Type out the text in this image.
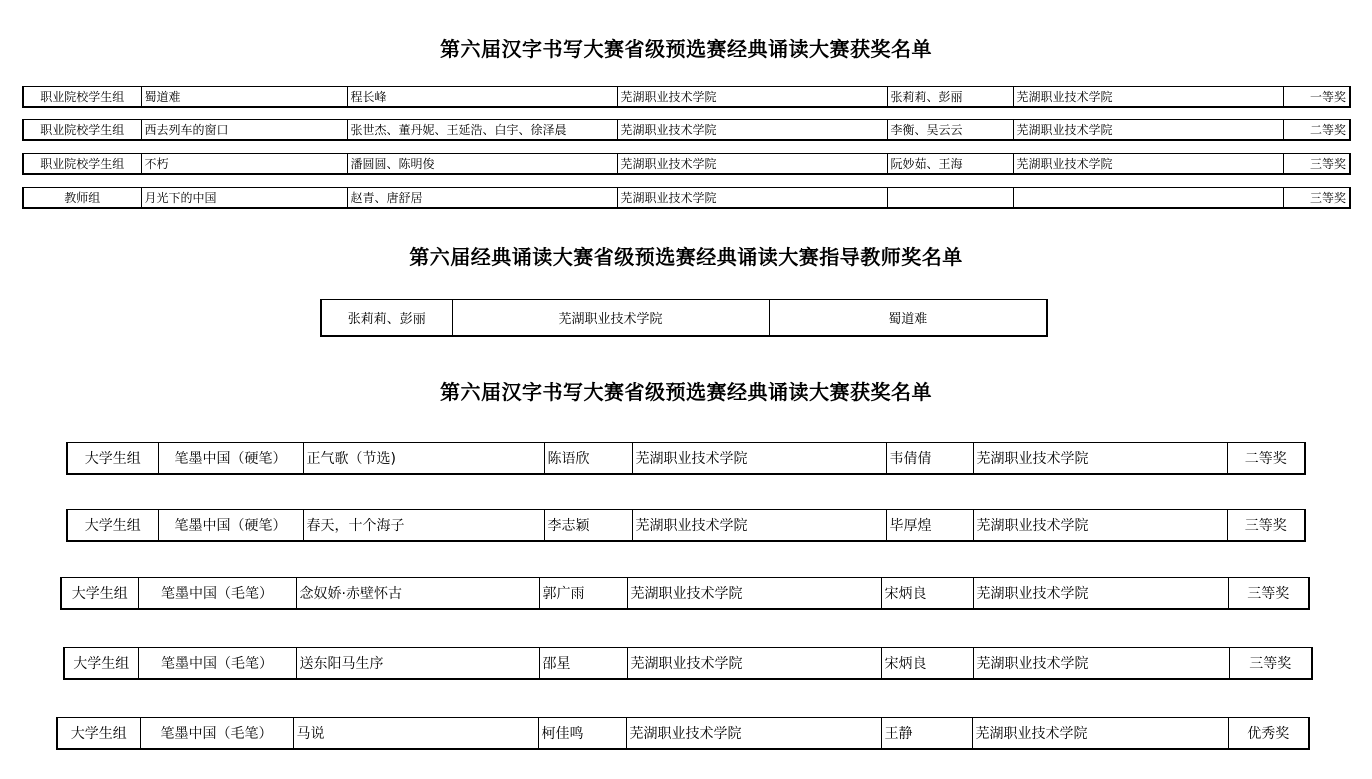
第六届汉字书写大赛省级预选赛经典诵读大赛获奖名单
职业院校学生组	蜀道难	程长峰	芜湖职业技术学院	张莉莉、彭丽	芜湖职业技术学院	一等奖
职业院校学生组	西去列车的窗口	张世杰、董丹妮、王延浩、白宇、徐泽晨	芜湖职业技术学院	李衡、吴云云	芜湖职业技术学院	二等奖
职业院校学生组	不朽	潘圆圆、陈明俊	芜湖职业技术学院	阮妙茹、王海	芜湖职业技术学院	三等奖
教师组	月光下的中国	赵青、唐舒居	芜湖职业技术学院			三等奖
第六届经典诵读大赛省级预选赛经典诵读大赛指导教师奖名单
张莉莉、彭丽	芜湖职业技术学院	蜀道难
第六届汉字书写大赛省级预选赛经典诵读大赛获奖名单
大学生组	笔墨中国（硬笔）	正气歌（节选)	陈语欣	芜湖职业技术学院	韦倩倩	芜湖职业技术学院	二等奖
大学生组	笔墨中国（硬笔）	春天，十个海子	李志颖	芜湖职业技术学院	毕厚煌	芜湖职业技术学院	三等奖
大学生组	笔墨中国（毛笔）	念奴娇·赤壁怀古	郭广雨	芜湖职业技术学院	宋炳良	芜湖职业技术学院	三等奖
大学生组	笔墨中国（毛笔）	送东阳马生序	邵星	芜湖职业技术学院	宋炳良	芜湖职业技术学院	三等奖
大学生组	笔墨中国（毛笔）	马说	柯佳鸣	芜湖职业技术学院	王静	芜湖职业技术学院	优秀奖
